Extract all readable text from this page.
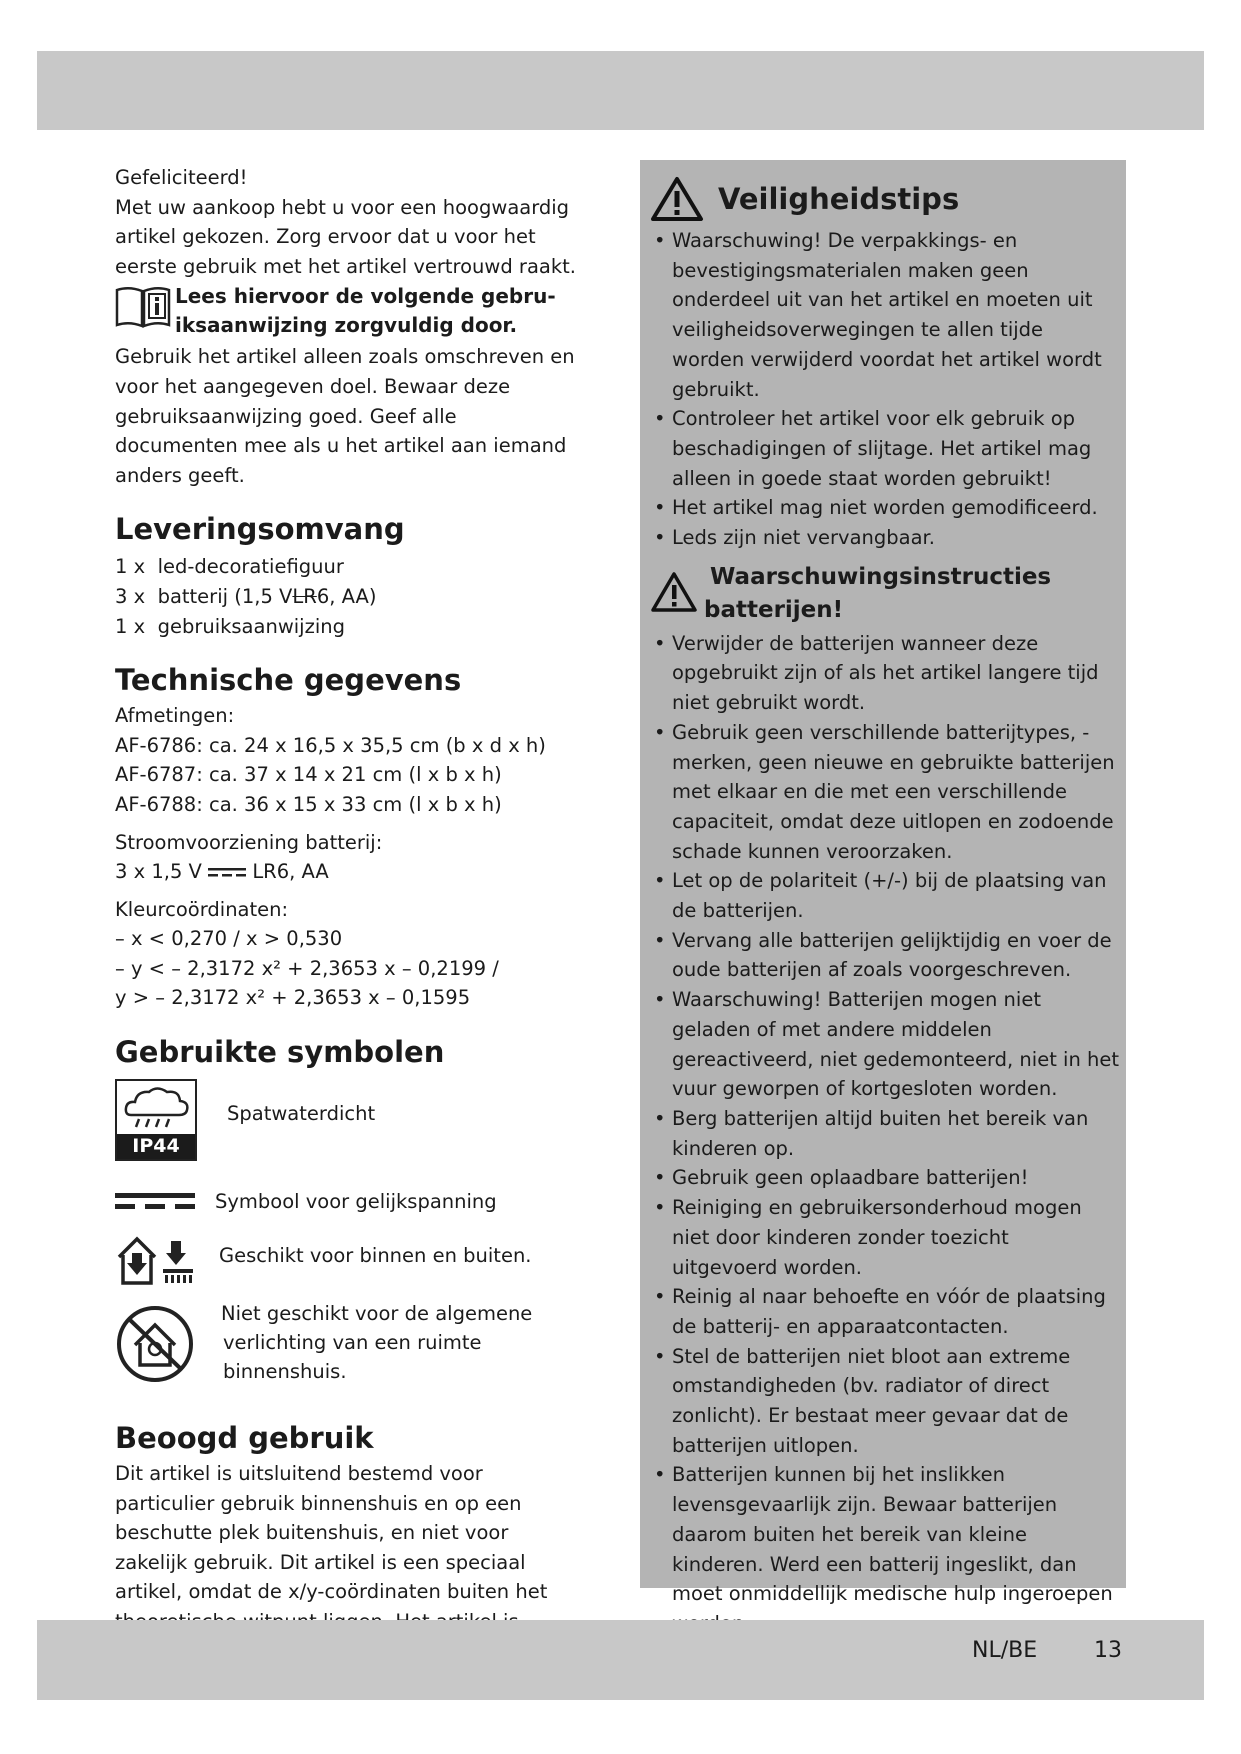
Gefeliciteerd!

Met uw aankoop hebt u voor een hoogwaardig artikel gekozen. Zorg ervoor dat u voor het eerste gebruik met het artikel vertrouwd raakt.

Lees hiervoor de volgende gebru-
iksaanwijzing zorgvuldig door.

Gebruik het artikel alleen zoals omschreven en voor het aangegeven doel. Bewaar deze gebruiksaanwijzing goed. Geef alle documenten mee als u het artikel aan iemand anders geeft.

Leveringsomvang
1 x led-decoratiefiguur
3 x batterij (1,5 VLR6, AA)
1 x gebruiksaanwijzing
Technische gegevens

Afmetingen:

AF-6786: ca. 24 x 16,5 x 35,5 cm (b x d x h)

AF-6787: ca. 37 x 14 x 21 cm (l x b x h)

AF-6788: ca. 36 x 15 x 33 cm (l x b x h)

Stroomvoorziening batterij:

3 x 1,5 V	LR6, AA

Kleurcoördinaten:

– x < 0,270 / x > 0,530

– y < – 2,3172 x² + 2,3653 x – 0,2199 /

y > – 2,3172 x² + 2,3653 x – 0,1595

Gebruikte symbolen
IP44
Spatwaterdicht
Symbool voor gelijkspanning
Geschikt voor binnen en buiten.
Niet geschikt voor de algemene
verlichting van een ruimte
binnenshuis.
Beoogd gebruik

Dit artikel is uitsluitend bestemd voor particulier gebruik binnenshuis en op een beschutte plek buitenshuis, en niet voor zakelijk gebruik. Dit artikel is een speciaal artikel, omdat de x/y-coördinaten buiten het

Veiligheidstips
• Waarschuwing! De verpakkings- en bevestigingsmaterialen maken geen onderdeel uit van het artikel en moeten uit veiligheidsoverwegingen te allen tijde worden verwijderd voordat het artikel wordt gebruikt.
• Controleer het artikel voor elk gebruik op beschadigingen of slijtage. Het artikel mag alleen in goede staat worden gebruikt!
• Het artikel mag niet worden gemodificeerd.
• Leds zijn niet vervangbaar.
Waarschuwingsinstructies
batterijen!
• Verwijder de batterijen wanneer deze opgebruikt zijn of als het artikel langere tijd niet gebruikt wordt.
• Gebruik geen verschillende batterijtypes, -merken, geen nieuwe en gebruikte batterijen met elkaar en die met een verschillende capaciteit, omdat deze uitlopen en zodoende schade kunnen veroorzaken.
• Let op de polariteit (+/-) bij de plaatsing van de batterijen.
• Vervang alle batterijen gelijktijdig en voer de oude batterijen af zoals voorgeschreven.
• Waarschuwing! Batterijen mogen niet geladen of met andere middelen gereactiveerd, niet gedemonteerd, niet in het vuur geworpen of kortgesloten worden.
• Berg batterijen altijd buiten het bereik van kinderen op.
• Gebruik geen oplaadbare batterijen!
• Reiniging en gebruikersonderhoud mogen niet door kinderen zonder toezicht uitgevoerd worden.
• Reinig al naar behoefte en vóór de plaatsing de batterij- en apparaatcontacten.
• Stel de batterijen niet bloot aan extreme omstandigheden (bv. radiator of direct zonlicht). Er bestaat meer gevaar dat de batterijen uitlopen.
• Batterijen kunnen bij het inslikken levensgevaarlijk zijn. Bewaar batterijen daarom buiten het bereik van kleine kinderen. Werd een batterij ingeslikt, dan moet onmiddellijk medische hulp ingeroepen
NL/BE	13
